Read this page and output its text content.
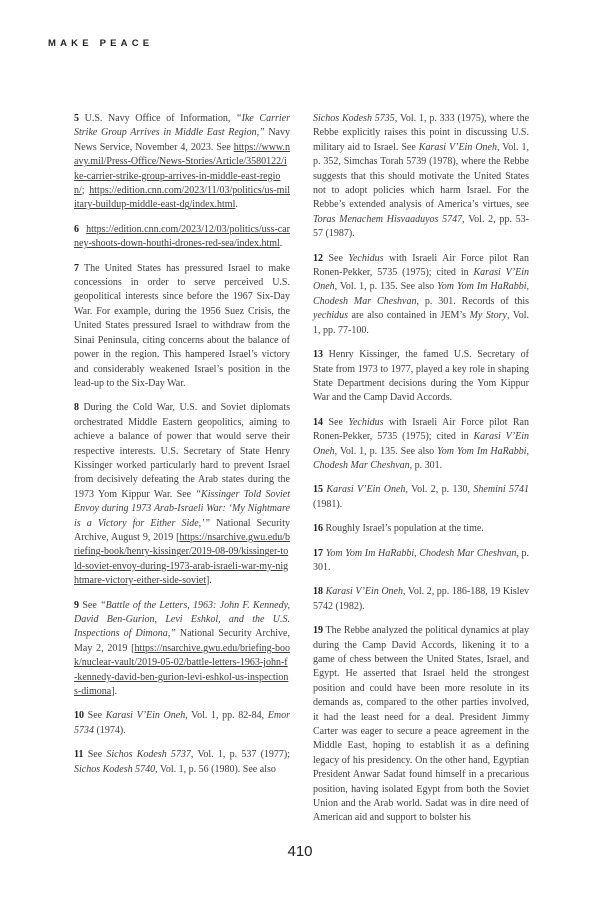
MAKE PEACE

5 U.S. Navy Office of Information, “Ike Carrier Strike Group Arrives in Middle East Region,” Navy News Service, November 4, 2023. See https://www.navy.mil/Press-Office/News-Stories/Article/3580122/ike-carrier-strike-group-arrives-in-middle-east-region/; https://edition.cnn.com/2023/11/03/politics/us-military-buildup-middle-east-dg/index.html.

6 https://edition.cnn.com/2023/12/03/politics/uss-carney-shoots-down-houthi-drones-red-sea/index.html.

7 The United States has pressured Israel to make concessions in order to serve perceived U.S. geopolitical interests since before the 1967 Six-Day War. For example, during the 1956 Suez Crisis, the United States pressured Israel to withdraw from the Sinai Peninsula, citing concerns about the balance of power in the region. This hampered Israel’s victory and considerably weakened Israel’s position in the lead-up to the Six-Day War.

8 During the Cold War, U.S. and Soviet diplomats orchestrated Middle Eastern geopolitics, aiming to achieve a balance of power that would serve their respective interests. U.S. Secretary of State Henry Kissinger worked particularly hard to prevent Israel from decisively defeating the Arab states during the 1973 Yom Kippur War. See “Kissinger Told Soviet Envoy during 1973 Arab-Israeli War: ‘My Nightmare is a Victory for Either Side,’” National Security Archive, August 9, 2019 [https://nsarchive.gwu.edu/briefing-book/henry-kissinger/2019-08-09/kissinger-told-soviet-envoy-during-1973-arab-israeli-war-my-nightmare-victory-either-side-soviet].

9 See “Battle of the Letters, 1963: John F. Kennedy, David Ben-Gurion, Levi Eshkol, and the U.S. Inspections of Dimona,” National Security Archive, May 2, 2019 [https://nsarchive.gwu.edu/briefing-book/nuclear-vault/2019-05-02/battle-letters-1963-john-f-kennedy-david-ben-gurion-levi-eshkol-us-inspections-dimona].

10 See Karasi V’Ein Oneh, Vol. 1, pp. 82-84, Emor 5734 (1974).

11 See Sichos Kodesh 5737, Vol. 1, p. 537 (1977); Sichos Kodesh 5740, Vol. 1, p. 56 (1980). See also

Sichos Kodesh 5735, Vol. 1, p. 333 (1975), where the Rebbe explicitly raises this point in discussing U.S. military aid to Israel. See Karasi V’Ein Oneh, Vol. 1, p. 352, Simchas Torah 5739 (1978), where the Rebbe suggests that this should motivate the United States not to adopt policies which harm Israel. For the Rebbe’s extended analysis of America’s virtues, see Toras Menachem Hisvaaduyos 5747, Vol. 2, pp. 53-57 (1987).

12 See Yechidus with Israeli Air Force pilot Ran Ronen-Pekker, 5735 (1975); cited in Karasi V’Ein Oneh, Vol. 1, p. 135. See also Yom Yom Im HaRabbi, Chodesh Mar Cheshvan, p. 301. Records of this yechidus are also contained in JEM’s My Story, Vol. 1, pp. 77-100.

13 Henry Kissinger, the famed U.S. Secretary of State from 1973 to 1977, played a key role in shaping State Department decisions during the Yom Kippur War and the Camp David Accords.

14 See Yechidus with Israeli Air Force pilot Ran Ronen-Pekker, 5735 (1975); cited in Karasi V’Ein Oneh, Vol. 1, p. 135. See also Yom Yom Im HaRabbi, Chodesh Mar Cheshvan, p. 301.

15 Karasi V’Ein Oneh, Vol. 2, p. 130, Shemini 5741 (1981).

16 Roughly Israel’s population at the time.

17 Yom Yom Im HaRabbi, Chodesh Mar Cheshvan, p. 301.

18 Karasi V’Ein Oneh, Vol. 2, pp. 186-188, 19 Kislev 5742 (1982).

19 The Rebbe analyzed the political dynamics at play during the Camp David Accords, likening it to a game of chess between the United States, Israel, and Egypt. He asserted that Israel held the strongest position and could have been more resolute in its demands as, compared to the other parties involved, it had the least need for a deal. President Jimmy Carter was eager to secure a peace agreement in the Middle East, hoping to establish it as a defining legacy of his presidency. On the other hand, Egyptian President Anwar Sadat found himself in a precarious position, having isolated Egypt from both the Soviet Union and the Arab world. Sadat was in dire need of American aid and support to bolster his

410
